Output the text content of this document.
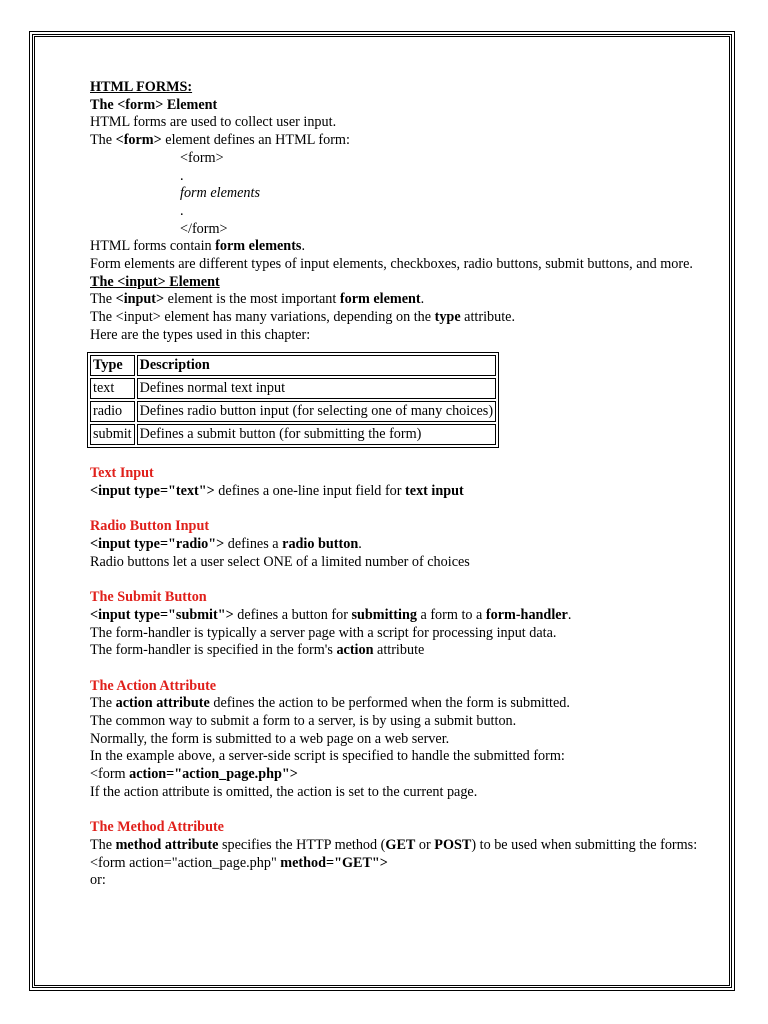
HTML FORMS:
The <form> Element
HTML forms are used to collect user input.
The <form> element defines an HTML form:
<form>
.
form elements
.
</form>
HTML forms contain form elements.
Form elements are different types of input elements, checkboxes, radio buttons, submit buttons, and more.
The <input> Element
The <input> element is the most important form element.
The <input> element has many variations, depending on the type attribute.
Here are the types used in this chapter:
Type	Description
text	Defines normal text input
radio	Defines radio button input (for selecting one of many choices)
submit	Defines a submit button (for submitting the form)
Text Input
<input type="text"> defines a one-line input field for text input
Radio Button Input
<input type="radio"> defines a radio button.
Radio buttons let a user select ONE of a limited number of choices
The Submit Button
<input type="submit"> defines a button for submitting a form to a form-handler.
The form-handler is typically a server page with a script for processing input data.
The form-handler is specified in the form's action attribute
The Action Attribute
The action attribute defines the action to be performed when the form is submitted.
The common way to submit a form to a server, is by using a submit button.
Normally, the form is submitted to a web page on a web server.
In the example above, a server-side script is specified to handle the submitted form:
<form action="action_page.php">
If the action attribute is omitted, the action is set to the current page.
The Method Attribute
The method attribute specifies the HTTP method (GET or POST) to be used when submitting the forms:
<form action="action_page.php" method="GET">
or:
